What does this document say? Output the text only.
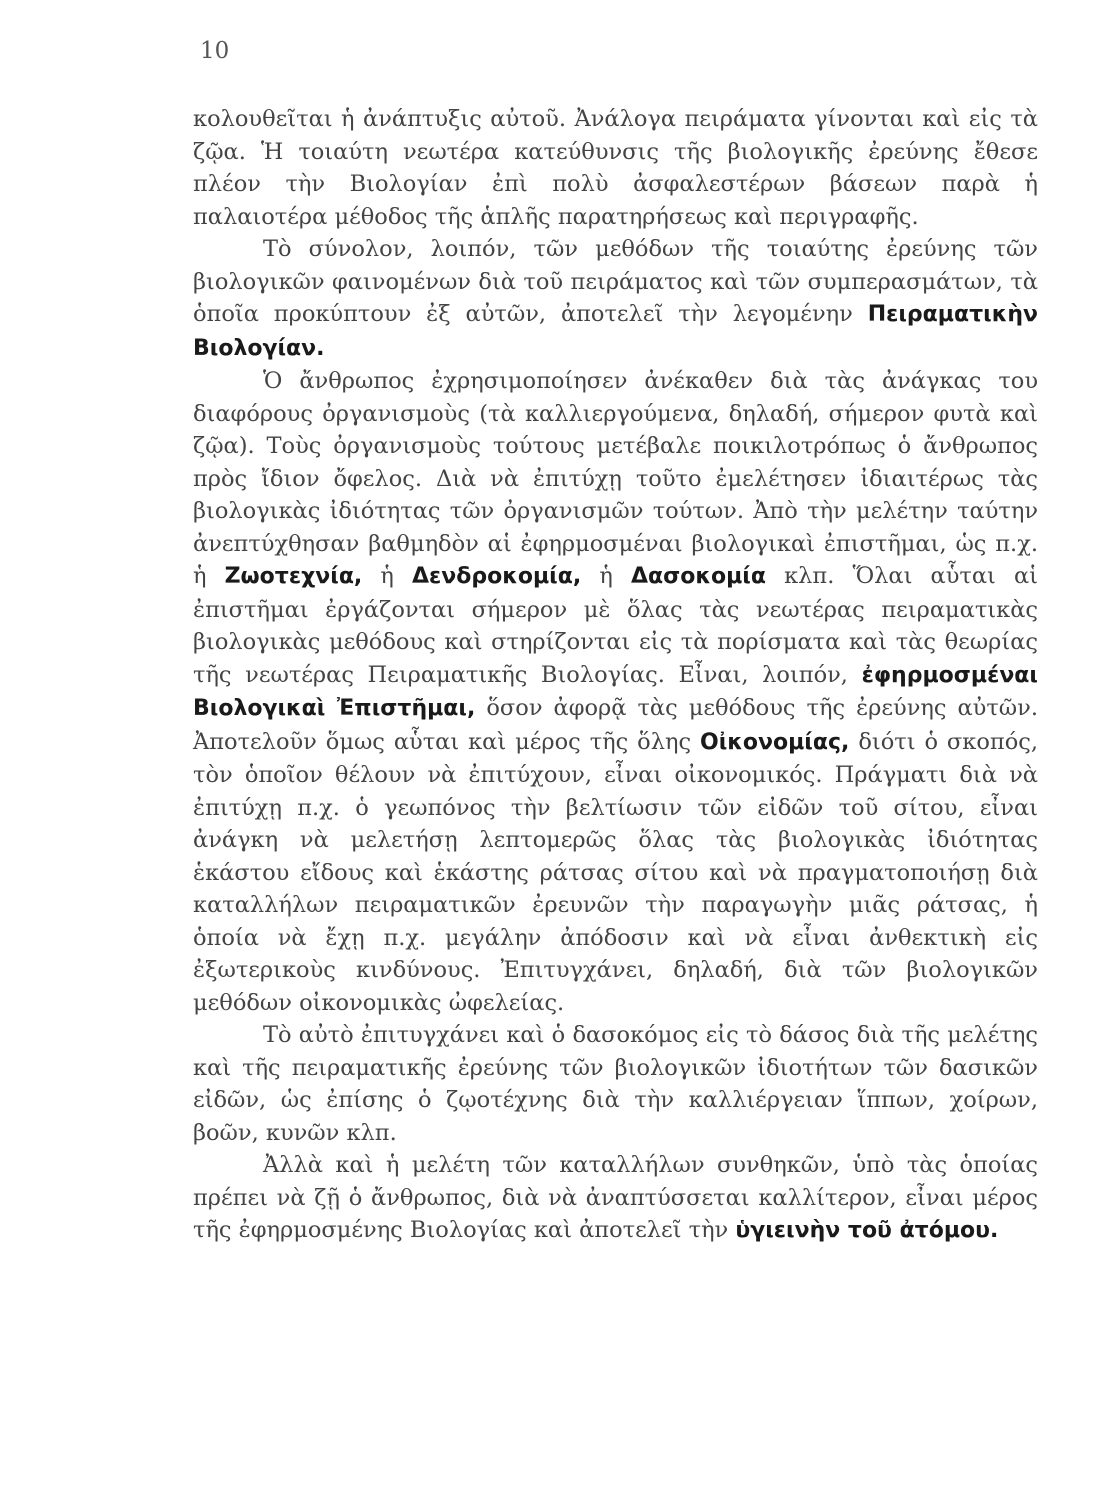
10

κολουθεῖται ἡ ἀνάπτυξις αὐτοῦ. Ἀνάλογα πειράματα γίνονται καὶ εἰς τὰ ζῷα. Ἡ τοιαύτη νεωτέρα κατεύθυνσις τῆς βιολογικῆς ἐρεύνης ἔθεσε πλέον τὴν Βιολογίαν ἐπὶ πολὺ ἀσφαλεστέρων βάσεων παρὰ ἡ παλαιοτέρα μέθοδος τῆς ἁπλῆς παρατηρήσεως καὶ περιγραφῆς.

Τὸ σύνολον, λοιπόν, τῶν μεθόδων τῆς τοιαύτης ἐρεύνης τῶν βιολογικῶν φαινομένων διὰ τοῦ πειράματος καὶ τῶν συμπερασμάτων, τὰ ὁποῖα προκύπτουν ἐξ αὐτῶν, ἀποτελεῖ τὴν λεγομένην Πειραματικὴν Βιολογίαν.

Ὁ ἄνθρωπος ἐχρησιμοποίησεν ἀνέκαθεν διὰ τὰς ἀνάγκας του διαφόρους ὀργανισμοὺς (τὰ καλλιεργούμενα, δηλαδή, σήμερον φυτὰ καὶ ζῷα). Τοὺς ὀργανισμοὺς τούτους μετέβαλε ποικιλοτρόπως ὁ ἄνθρωπος πρὸς ἴδιον ὄφελος. Διὰ νὰ ἐπιτύχῃ τοῦτο ἐμελέτησεν ἰδιαιτέρως τὰς βιολογικὰς ἰδιότητας τῶν ὀργανισμῶν τούτων. Ἀπὸ τὴν μελέτην ταύτην ἀνεπτύχθησαν βαθμηδὸν αἱ ἐφηρμοσμέναι βιολογικαὶ ἐπιστῆμαι, ὡς π.χ. ἡ Ζωοτεχνία, ἡ Δενδροκομία, ἡ Δασοκομία κλπ. Ὅλαι αὗται αἱ ἐπιστῆμαι ἐργάζονται σήμερον μὲ ὅλας τὰς νεωτέρας πειραματικὰς βιολογικὰς μεθόδους καὶ στηρίζονται εἰς τὰ πορίσματα καὶ τὰς θεωρίας τῆς νεωτέρας Πειραματικῆς Βιολογίας. Εἶναι, λοιπόν, ἐφηρμοσμέναι Βιολογικαὶ Ἐπιστῆμαι, ὅσον ἀφορᾷ τὰς μεθόδους τῆς ἐρεύνης αὐτῶν. Ἀποτελοῦν ὅμως αὗται καὶ μέρος τῆς ὅλης Οἰκονομίας, διότι ὁ σκοπός, τὸν ὁποῖον θέλουν νὰ ἐπιτύχουν, εἶναι οἰκονομικός. Πράγματι διὰ νὰ ἐπιτύχῃ π.χ. ὁ γεωπόνος τὴν βελτίωσιν τῶν εἰδῶν τοῦ σίτου, εἶναι ἀνάγκη νὰ μελετήσῃ λεπτομερῶς ὅλας τὰς βιολογικὰς ἰδιότητας ἑκάστου εἴδους καὶ ἑκάστης ράτσας σίτου καὶ νὰ πραγματοποιήσῃ διὰ καταλλήλων πειραματικῶν ἐρευνῶν τὴν παραγωγὴν μιᾶς ράτσας, ἡ ὁποία νὰ ἔχῃ π.χ. μεγάλην ἀπόδοσιν καὶ νὰ εἶναι ἀνθεκτικὴ εἰς ἐξωτερικοὺς κινδύνους. Ἐπιτυγχάνει, δηλαδή, διὰ τῶν βιολογικῶν μεθόδων οἰκονομικὰς ὠφελείας.

Τὸ αὐτὸ ἐπιτυγχάνει καὶ ὁ δασοκόμος εἰς τὸ δάσος διὰ τῆς μελέτης καὶ τῆς πειραματικῆς ἐρεύνης τῶν βιολογικῶν ἰδιοτήτων τῶν δασικῶν εἰδῶν, ὡς ἐπίσης ὁ ζῳοτέχνης διὰ τὴν καλλιέργειαν ἵππων, χοίρων, βοῶν, κυνῶν κλπ.

Ἀλλὰ καὶ ἡ μελέτη τῶν καταλλήλων συνθηκῶν, ὑπὸ τὰς ὁποίας πρέπει νὰ ζῇ ὁ ἄνθρωπος, διὰ νὰ ἀναπτύσσεται καλλίτερον, εἶναι μέρος τῆς ἐφηρμοσμένης Βιολογίας καὶ ἀποτελεῖ τὴν ὑγιεινὴν τοῦ ἀτόμου.
